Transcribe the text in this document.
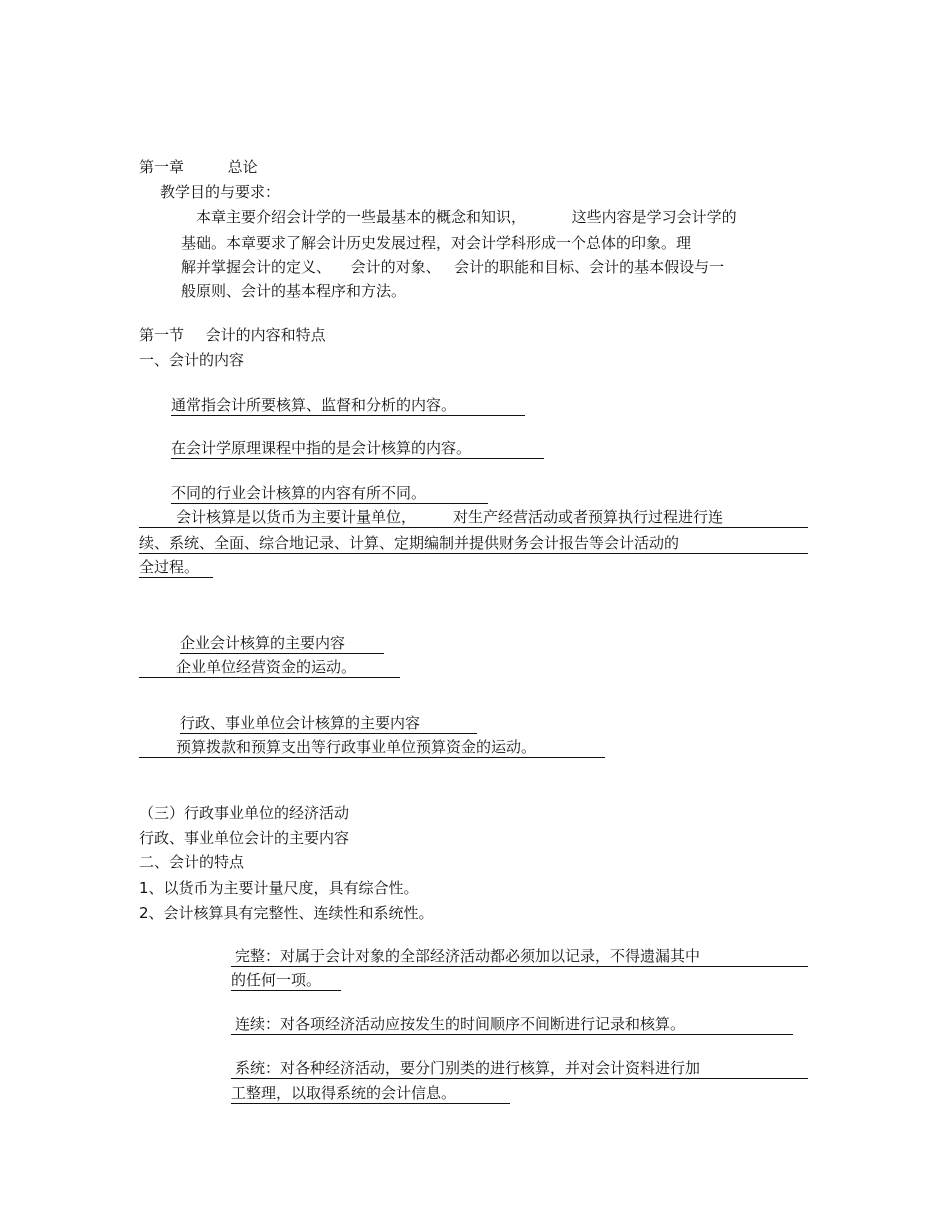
第一章	总论
教学目的与要求：
本章主要介绍会计学的一些最基本的概念和知识，	这些内容是学习会计学的
基础。本章要求了解会计历史发展过程，对会计学科形成一个总体的印象。理
解并掌握会计的定义、 会计的对象、 会计的职能和目标、会计的基本假设与一
般原则、会计的基本程序和方法。
第一节 会计的内容和特点
一、会计的内容
通常指会计所要核算、监督和分析的内容。
在会计学原理课程中指的是会计核算的内容。
不同的行业会计核算的内容有所不同。
会计核算是以货币为主要计量单位， 对生产经营活动或者预算执行过程进行连
续、系统、全面、综合地记录、计算、定期编制并提供财务会计报告等会计活动的
全过程。
企业会计核算的主要内容
企业单位经营资金的运动。
行政、事业单位会计核算的主要内容
预算拨款和预算支出等行政事业单位预算资金的运动。
（三）行政事业单位的经济活动
行政、事业单位会计的主要内容
二、会计的特点
1、以货币为主要计量尺度，具有综合性。
2、会计核算具有完整性、连续性和系统性。
完整：对属于会计对象的全部经济活动都必须加以记录，不得遗漏其中
的任何一项。
连续：对各项经济活动应按发生的时间顺序不间断进行记录和核算。
系统：对各种经济活动，要分门别类的进行核算，并对会计资料进行加
工整理，以取得系统的会计信息。
